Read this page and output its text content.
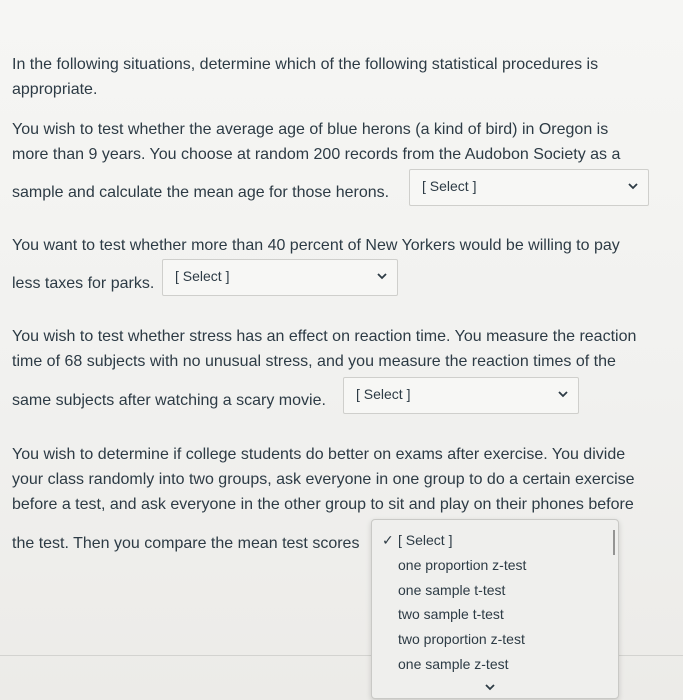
In the following situations, determine which of the following statistical procedures is
appropriate.
You wish to test whether the average age of blue herons (a kind of bird) in Oregon is
more than 9 years. You choose at random 200 records from the Audobon Society as a
sample and calculate the mean age for those herons. [ Select ]
You want to test whether more than 40 percent of New Yorkers would be willing to pay
less taxes for parks. [ Select ]
You wish to test whether stress has an effect on reaction time. You measure the reaction
time of 68 subjects with no unusual stress, and you measure the reaction times of the
same subjects after watching a scary movie. [ Select ]
You wish to determine if college students do better on exams after exercise. You divide
your class randomly into two groups, ask everyone in one group to do a certain exercise
before a test, and ask everyone in the other group to sit and play on their phones before
the test. Then you compare the mean test scores ✓ [ Select ]
one proportion z-test
one sample t-test
two sample t-test
two proportion z-test
one sample z-test
